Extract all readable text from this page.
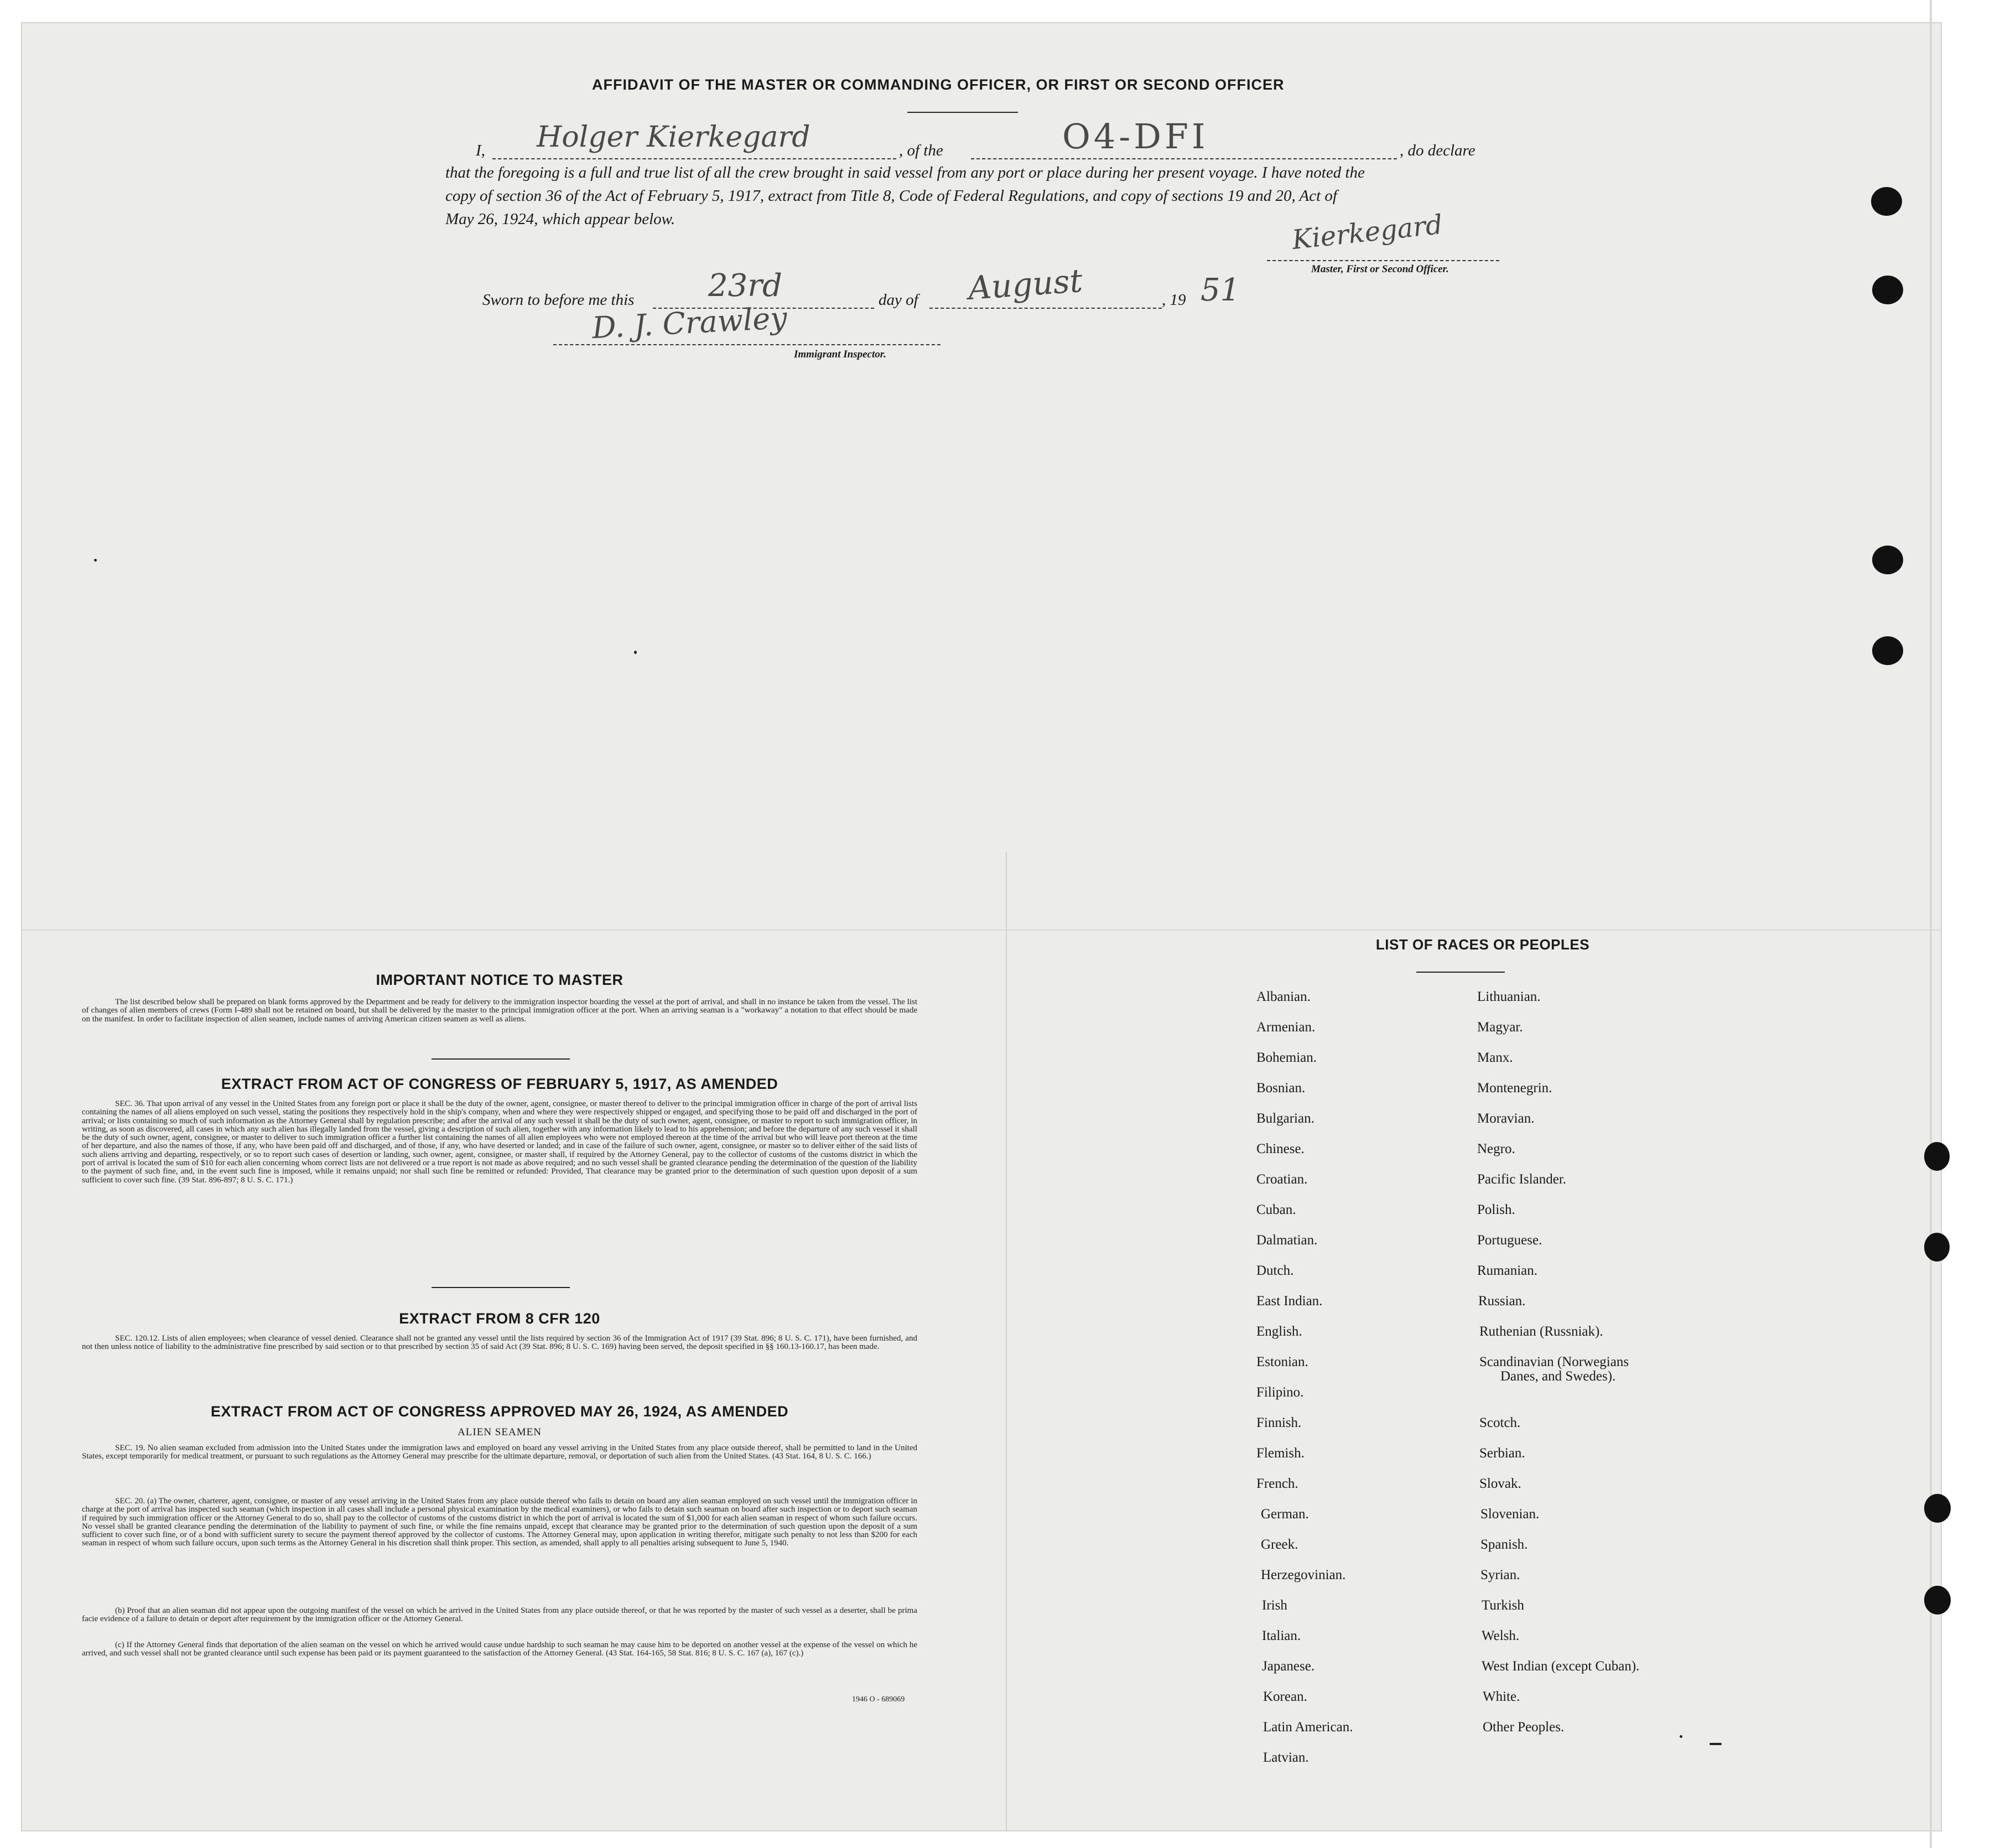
AFFIDAVIT OF THE MASTER OR COMMANDING OFFICER, OR FIRST OR SECOND OFFICER
I, Holger Kierkegard	, of the	O4-DFI	, do declare
that the foregoing is a full and true list of all the crew brought in said vessel from any port or place during her present voyage. I have noted the
copy of section 36 of the Act of February 5, 1917, extract from Title 8, Code of Federal Regulations, and copy of sections 19 and 20, Act of
May 26, 1924, which appear below.	Kierkegard
Master, First or Second Officer.
Sworn to before me this 23rd	day of August	, 19 51
D. J. Crawley
Immigrant Inspector.
IMPORTANT NOTICE TO MASTER
The list described below shall be prepared on blank forms approved by the Department and be ready for delivery to the immigration inspector boarding the vessel at the port of arrival, and shall in no instance be taken from the vessel. The list of changes of alien members of crews (Form I-489 shall not be retained on board, but shall be delivered by the master to the principal immigration officer at the port. When an arriving seaman is a "workaway" a notation to that effect should be made on the manifest. In order to facilitate inspection of alien seamen, include names of arriving American citizen seamen as well as aliens.
EXTRACT FROM ACT OF CONGRESS OF FEBRUARY 5, 1917, AS AMENDED
SEC. 36. That upon arrival of any vessel in the United States from any foreign port or place it shall be the duty of the owner, agent, consignee, or master thereof to deliver to the principal immigration officer in charge of the port of arrival lists containing the names of all aliens employed on such vessel, stating the positions they respectively hold in the ship's company, when and where they were respectively shipped or engaged, and specifying those to be paid off and discharged in the port of arrival; or lists containing so much of such information as the Attorney General shall by regulation prescribe; and after the arrival of any such vessel it shall be the duty of such owner, agent, consignee, or master to report to such immigration officer, in writing, as soon as discovered, all cases in which any such alien has illegally landed from the vessel, giving a description of such alien, together with any information likely to lead to his apprehension; and before the departure of any such vessel it shall be the duty of such owner, agent, consignee, or master to deliver to such immigration officer a further list containing the names of all alien employees who were not employed thereon at the time of the arrival but who will leave port thereon at the time of her departure, and also the names of those, if any, who have been paid off and discharged, and of those, if any, who have deserted or landed; and in case of the failure of such owner, agent, consignee, or master so to deliver either of the said lists of such aliens arriving and departing, respectively, or so to report such cases of desertion or landing, such owner, agent, consignee, or master shall, if required by the Attorney General, pay to the collector of customs of the customs district in which the port of arrival is located the sum of $10 for each alien concerning whom correct lists are not delivered or a true report is not made as above required; and no such vessel shall be granted clearance pending the determination of the question of the liability to the payment of such fine, and, in the event such fine is imposed, while it remains unpaid; nor shall such fine be remitted or refunded: Provided, That clearance may be granted prior to the determination of such question upon deposit of a sum sufficient to cover such fine. (39 Stat. 896-897; 8 U. S. C. 171.)
EXTRACT FROM 8 CFR 120
SEC. 120.12. Lists of alien employees; when clearance of vessel denied. Clearance shall not be granted any vessel until the lists required by section 36 of the Immigration Act of 1917 (39 Stat. 896; 8 U. S. C. 171), have been furnished, and not then unless notice of liability to the administrative fine prescribed by said section or to that prescribed by section 35 of said Act (39 Stat. 896; 8 U. S. C. 169) having been served, the deposit specified in §§ 160.13-160.17, has been made.
EXTRACT FROM ACT OF CONGRESS APPROVED MAY 26, 1924, AS AMENDED
ALIEN SEAMEN
SEC. 19. No alien seaman excluded from admission into the United States under the immigration laws and employed on board any vessel arriving in the United States from any place outside thereof, shall be permitted to land in the United States, except temporarily for medical treatment, or pursuant to such regulations as the Attorney General may prescribe for the ultimate departure, removal, or deportation of such alien from the United States. (43 Stat. 164, 8 U. S. C. 166.)
SEC. 20. (a) The owner, charterer, agent, consignee, or master of any vessel arriving in the United States from any place outside thereof who fails to detain on board any alien seaman employed on such vessel until the immigration officer in charge at the port of arrival has inspected such seaman (which inspection in all cases shall include a personal physical examination by the medical examiners), or who fails to detain such seaman on board after such inspection or to deport such seaman if required by such immigration officer or the Attorney General to do so, shall pay to the collector of customs of the customs district in which the port of arrival is located the sum of $1,000 for each alien seaman in respect of whom such failure occurs. No vessel shall be granted clearance pending the determination of the liability to payment of such fine, or while the fine remains unpaid, except that clearance may be granted prior to the determination of such question upon the deposit of a sum sufficient to cover such fine, or of a bond with sufficient surety to secure the payment thereof approved by the collector of customs. The Attorney General may, upon application in writing therefor, mitigate such penalty to not less than $200 for each seaman in respect of whom such failure occurs, upon such terms as the Attorney General in his discretion shall think proper. This section, as amended, shall apply to all penalties arising subsequent to June 5, 1940.
(b) Proof that an alien seaman did not appear upon the outgoing manifest of the vessel on which he arrived in the United States from any place outside thereof, or that he was reported by the master of such vessel as a deserter, shall be prima facie evidence of a failure to detain or deport after requirement by the immigration officer or the Attorney General.
(c) If the Attorney General finds that deportation of the alien seaman on the vessel on which he arrived would cause undue hardship to such seaman he may cause him to be deported on another vessel at the expense of the vessel on which he arrived, and such vessel shall not be granted clearance until such expense has been paid or its payment guaranteed to the satisfaction of the Attorney General. (43 Stat. 164-165, 58 Stat. 816; 8 U. S. C. 167 (a), 167 (c).)
1946 O - 689069
LIST OF RACES OR PEOPLES
Albanian.
Armenian.
Bohemian.
Bosnian.
Bulgarian.
Chinese.
Croatian.
Cuban.
Dalmatian.
Dutch.
East Indian.
English.
Estonian.
Filipino.
Finnish.
Flemish.
French.
German.
Greek.
Herzegovinian.
Irish
Italian.
Japanese.
Korean.
Latin American.
Latvian.
Lithuanian.
Magyar.
Manx.
Montenegrin.
Moravian.
Negro.
Pacific Islander.
Polish.
Portuguese.
Rumanian.
Russian.
Ruthenian (Russniak).
Scandinavian (Norwegians
Danes, and Swedes).
Scotch.
Serbian.
Slovak.
Slovenian.
Spanish.
Syrian.
Turkish
Welsh.
West Indian (except Cuban).
White.
Other Peoples.
